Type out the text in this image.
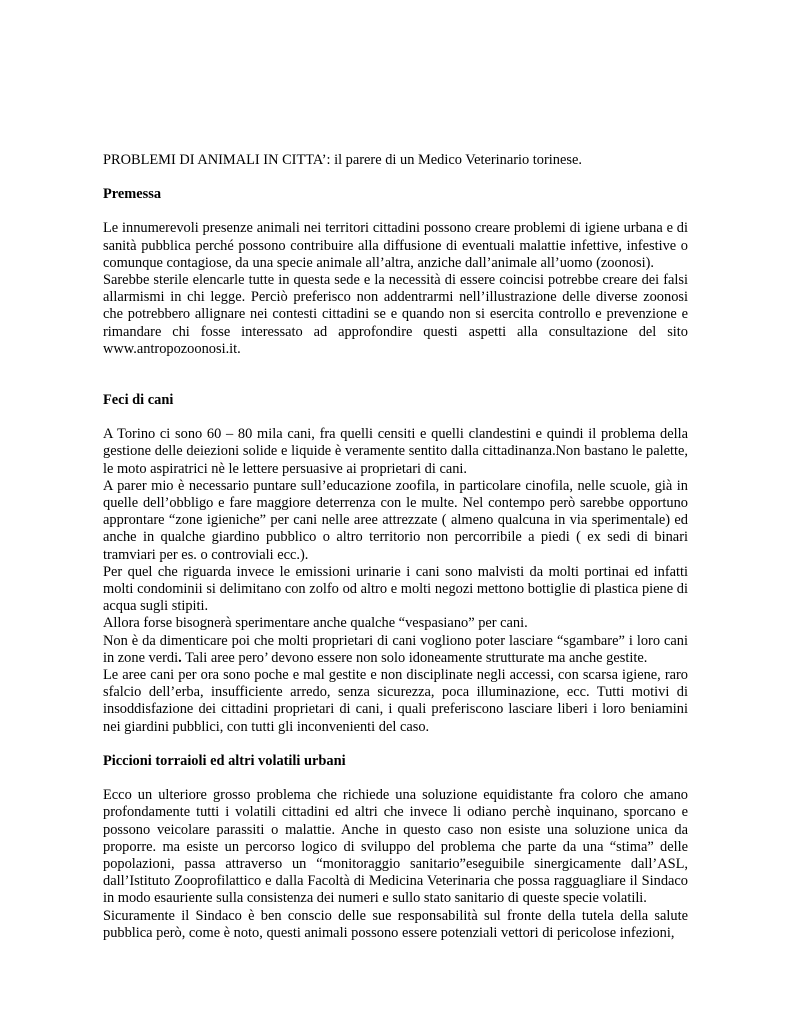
PROBLEMI DI ANIMALI IN CITTA’: il parere di un Medico Veterinario torinese.

Premessa

Le innumerevoli presenze animali nei territori cittadini possono creare problemi di igiene urbana e di sanità pubblica perché possono contribuire alla diffusione di eventuali malattie infettive, infestive o comunque contagiose, da una specie animale all’altra, anziche dall’animale all’uomo (zoonosi).

Sarebbe sterile elencarle tutte in questa sede e la necessità di essere coincisi potrebbe creare dei falsi allarmismi in chi legge. Perciò preferisco non addentrarmi nell’illustrazione delle diverse zoonosi che potrebbero allignare nei contesti cittadini se e quando non si esercita controllo e prevenzione e rimandare chi fosse interessato ad approfondire questi aspetti alla consultazione del sito www.antropozoonosi.it.

Feci di cani

A Torino ci sono 60 – 80 mila cani, fra quelli censiti e quelli clandestini e quindi il problema della gestione delle deiezioni solide e liquide è veramente sentito dalla cittadinanza.Non bastano le palette, le moto aspiratrici nè le lettere persuasive ai proprietari di cani.

A parer mio è necessario puntare sull’educazione zoofila, in particolare cinofila, nelle scuole, già in quelle dell’obbligo e fare maggiore deterrenza con le multe. Nel contempo però sarebbe opportuno approntare “zone igieniche” per cani nelle aree attrezzate ( almeno qualcuna in via sperimentale) ed anche in qualche giardino pubblico o altro territorio non percorribile a piedi ( ex sedi di binari tramviari per es. o controviali ecc.).

Per quel che riguarda invece le emissioni urinarie i cani sono malvisti da molti portinai ed infatti molti condominii si delimitano con zolfo od altro e molti negozi mettono bottiglie di plastica piene di acqua sugli stipiti.

Allora forse bisognerà sperimentare anche qualche “vespasiano” per cani.

Non è da dimenticare poi che molti proprietari di cani vogliono poter lasciare “sgambare” i loro cani in zone verdi. Tali aree pero’ devono essere non solo idoneamente strutturate ma anche gestite.

Le aree cani per ora sono poche e mal gestite e non disciplinate negli accessi, con scarsa igiene, raro sfalcio dell’erba, insufficiente arredo, senza sicurezza, poca illuminazione, ecc. Tutti motivi di insoddisfazione dei cittadini proprietari di cani, i quali preferiscono lasciare liberi i loro beniamini nei giardini pubblici, con tutti gli inconvenienti del caso.

Piccioni torraioli ed altri volatili urbani

Ecco un ulteriore grosso problema che richiede una soluzione equidistante fra coloro che amano profondamente tutti i volatili cittadini ed altri che invece li odiano perchè inquinano, sporcano e possono veicolare parassiti o malattie. Anche in questo caso non esiste una soluzione unica da proporre. ma esiste un percorso logico di sviluppo del problema che parte da una “stima” delle popolazioni, passa attraverso un “monitoraggio sanitario”eseguibile sinergicamente dall’ASL, dall’Istituto Zooprofilattico e dalla Facoltà di Medicina Veterinaria che possa ragguagliare il Sindaco in modo esauriente sulla consistenza dei numeri e sullo stato sanitario di queste specie volatili.

Sicuramente il Sindaco è ben conscio delle sue responsabilità sul fronte della tutela della salute pubblica però, come è noto, questi animali possono essere potenziali vettori di pericolose infezioni,
